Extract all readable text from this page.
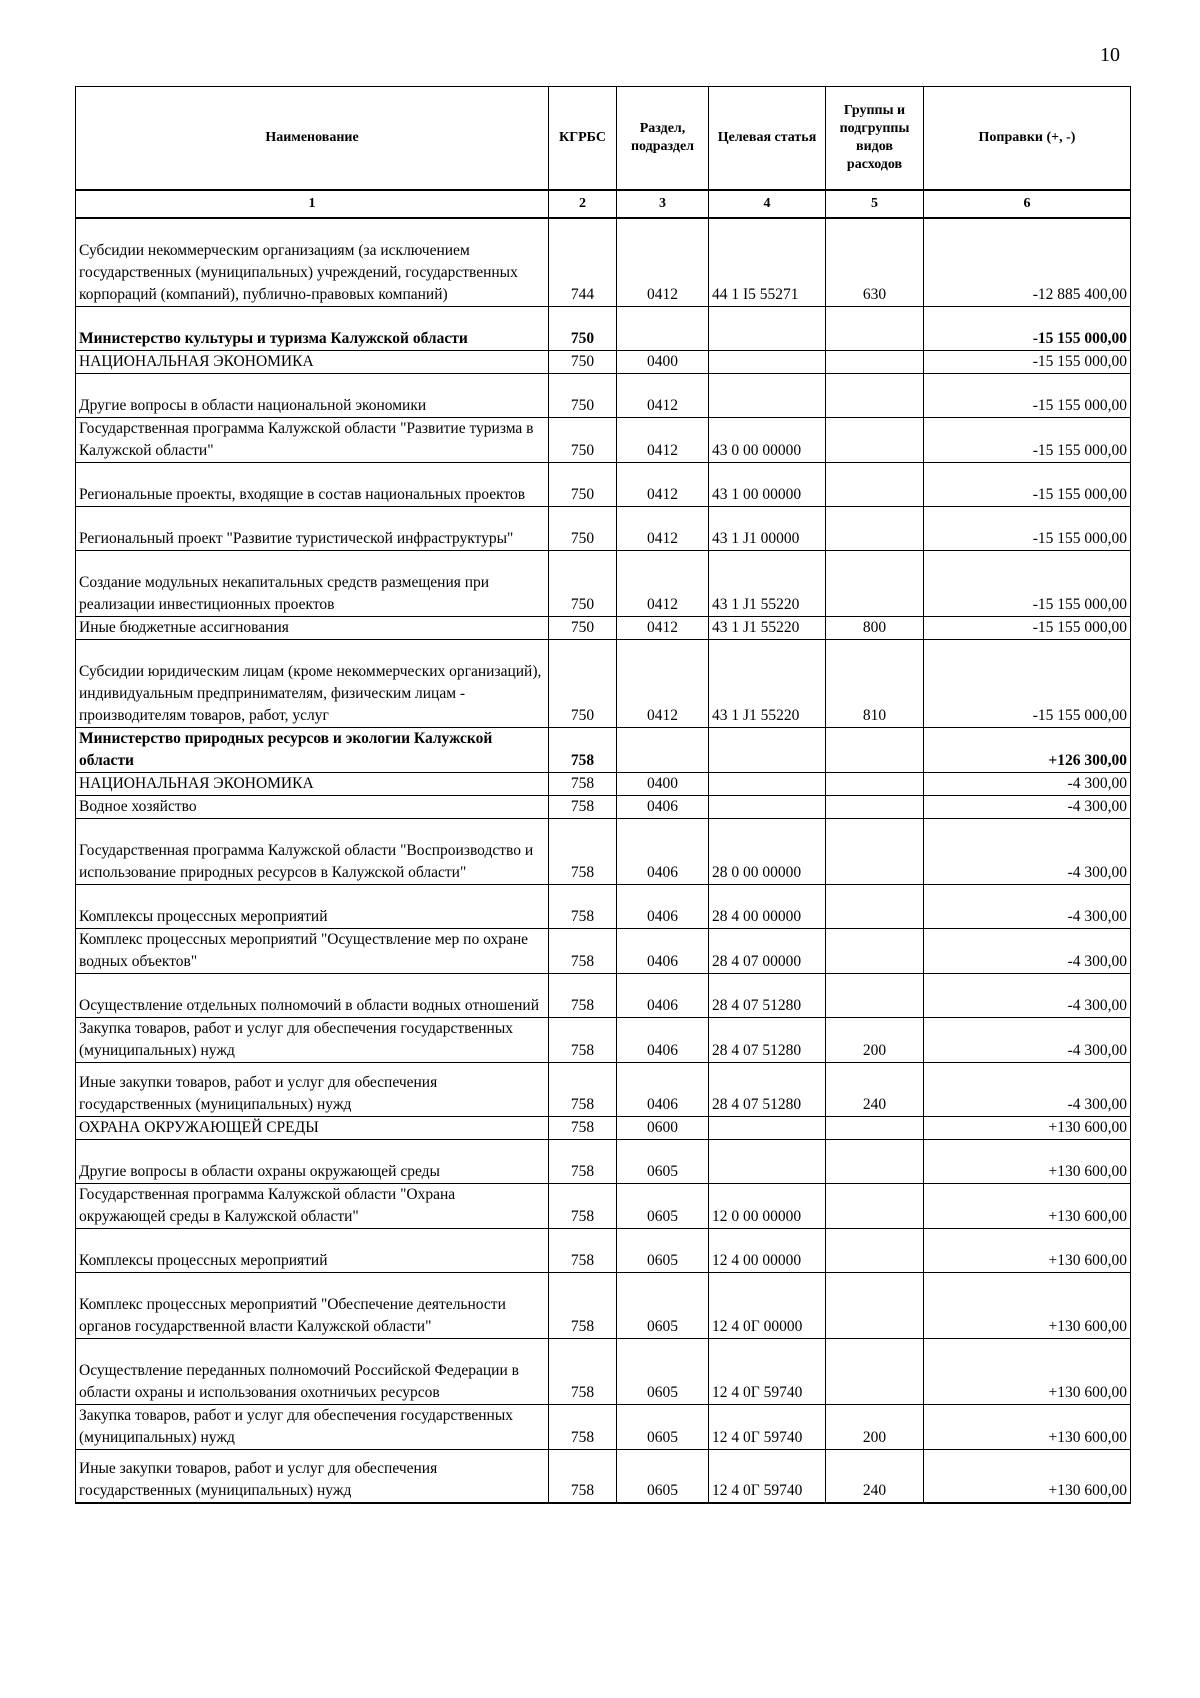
10
Наименование	КГРБС	Раздел, подраздел	Целевая статья	Группы и подгруппы видов расходов	Поправки (+, -)
1	2	3	4	5	6
Субсидии некоммерческим организациям (за исключением государственных (муниципальных) учреждений, государственных корпораций (компаний), публично-правовых компаний)	744	0412	44 1 I5 55271	630	-12 885 400,00
Министерство культуры и туризма Калужской области	750				-15 155 000,00
НАЦИОНАЛЬНАЯ ЭКОНОМИКА	750	0400			-15 155 000,00
Другие вопросы в области национальной экономики	750	0412			-15 155 000,00
Государственная программа Калужской области "Развитие туризма в Калужской области"	750	0412	43 0 00 00000		-15 155 000,00
Региональные проекты, входящие в состав национальных проектов	750	0412	43 1 00 00000		-15 155 000,00
Региональный проект "Развитие туристической инфраструктуры"	750	0412	43 1 J1 00000		-15 155 000,00
Создание модульных некапитальных средств размещения при реализации инвестиционных проектов	750	0412	43 1 J1 55220		-15 155 000,00
Иные бюджетные ассигнования	750	0412	43 1 J1 55220	800	-15 155 000,00
Субсидии юридическим лицам (кроме некоммерческих организаций), индивидуальным предпринимателям, физическим лицам - производителям товаров, работ, услуг	750	0412	43 1 J1 55220	810	-15 155 000,00
Министерство природных ресурсов и экологии Калужской области	758				+126 300,00
НАЦИОНАЛЬНАЯ ЭКОНОМИКА	758	0400			-4 300,00
Водное хозяйство	758	0406			-4 300,00
Государственная программа Калужской области "Воспроизводство и использование природных ресурсов в Калужской области"	758	0406	28 0 00 00000		-4 300,00
Комплексы процессных мероприятий	758	0406	28 4 00 00000		-4 300,00
Комплекс процессных мероприятий "Осуществление мер по охране водных объектов"	758	0406	28 4 07 00000		-4 300,00
Осуществление отдельных полномочий в области водных отношений	758	0406	28 4 07 51280		-4 300,00
Закупка товаров, работ и услуг для обеспечения государственных (муниципальных) нужд	758	0406	28 4 07 51280	200	-4 300,00
Иные закупки товаров, работ и услуг для обеспечения государственных (муниципальных) нужд	758	0406	28 4 07 51280	240	-4 300,00
ОХРАНА ОКРУЖАЮЩЕЙ СРЕДЫ	758	0600			+130 600,00
Другие вопросы в области охраны окружающей среды	758	0605			+130 600,00
Государственная программа Калужской области "Охрана окружающей среды в Калужской области"	758	0605	12 0 00 00000		+130 600,00
Комплексы процессных мероприятий	758	0605	12 4 00 00000		+130 600,00
Комплекс процессных мероприятий "Обеспечение деятельности органов государственной власти Калужской области"	758	0605	12 4 0Г 00000		+130 600,00
Осуществление переданных полномочий Российской Федерации в области охраны и использования охотничьих ресурсов	758	0605	12 4 0Г 59740		+130 600,00
Закупка товаров, работ и услуг для обеспечения государственных (муниципальных) нужд	758	0605	12 4 0Г 59740	200	+130 600,00
Иные закупки товаров, работ и услуг для обеспечения государственных (муниципальных) нужд	758	0605	12 4 0Г 59740	240	+130 600,00
